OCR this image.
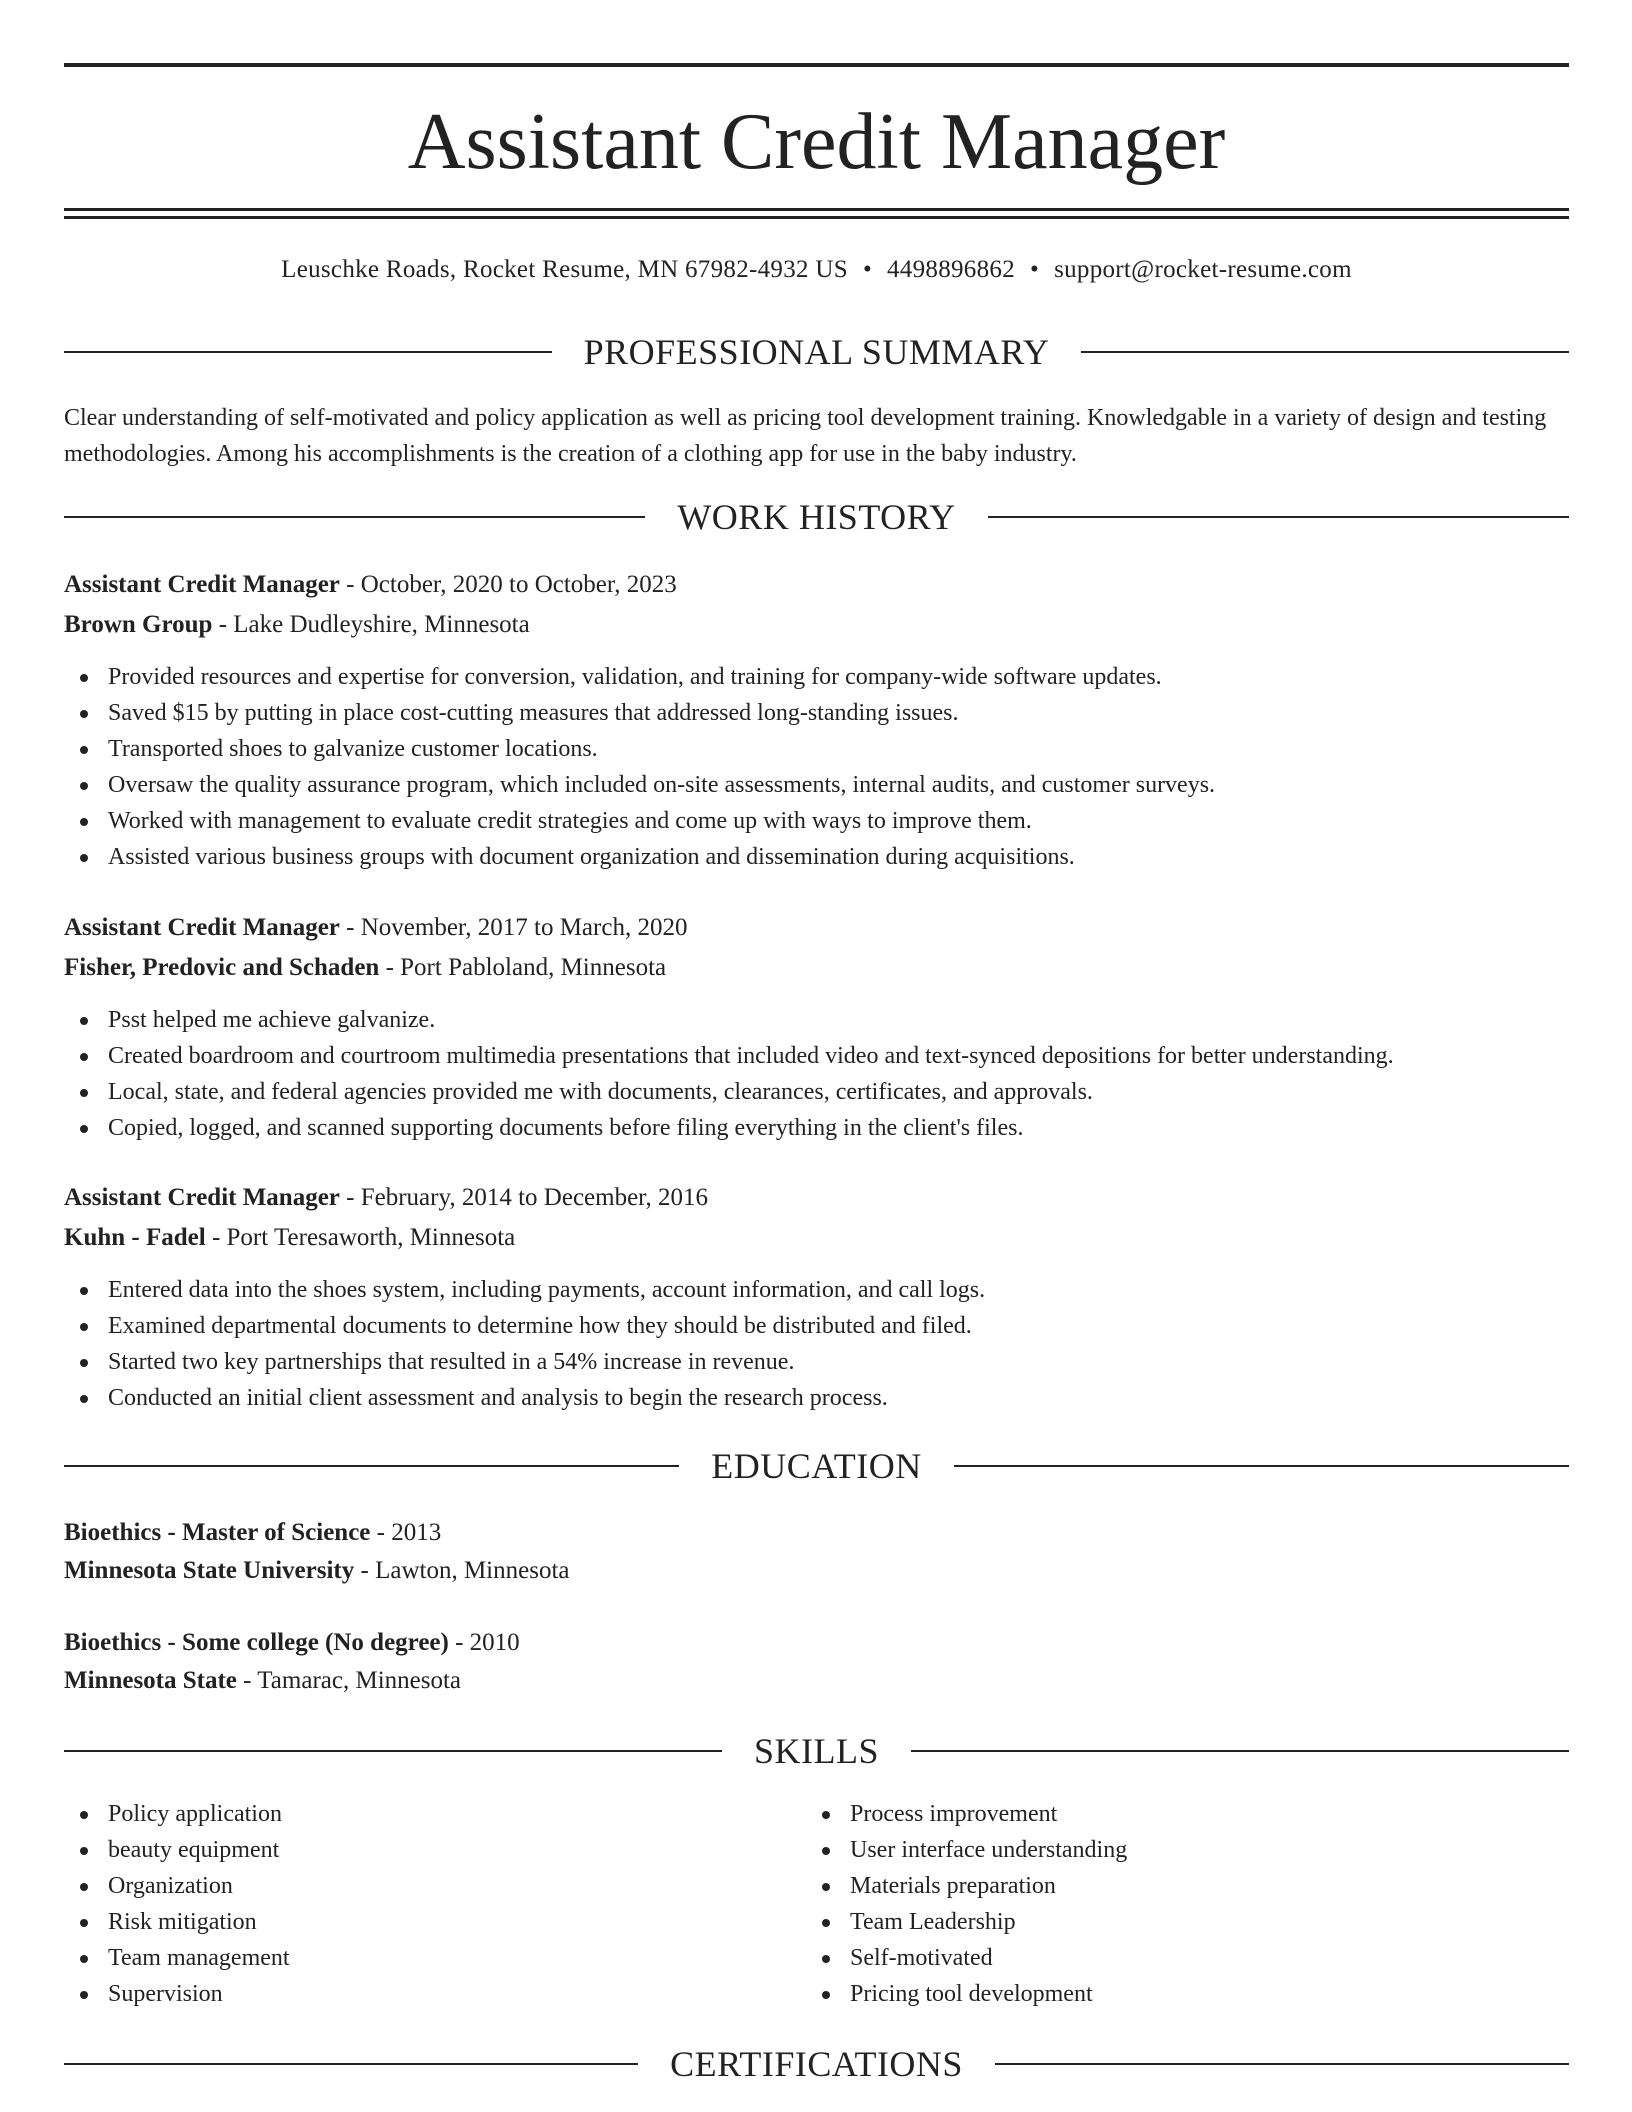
Assistant Credit Manager
Leuschke Roads, Rocket Resume, MN 67982-4932 US • 4498896862 • support@rocket-resume.com
PROFESSIONAL SUMMARY

Clear understanding of self-motivated and policy application as well as pricing tool development training. Knowledgable in a variety of design and testing methodologies. Among his accomplishments is the creation of a clothing app for use in the baby industry.

WORK HISTORY
Assistant Credit Manager - October, 2020 to October, 2023
Brown Group - Lake Dudleyshire, Minnesota
Provided resources and expertise for conversion, validation, and training for company-wide software updates.
Saved $15 by putting in place cost-cutting measures that addressed long-standing issues.
Transported shoes to galvanize customer locations.
Oversaw the quality assurance program, which included on-site assessments, internal audits, and customer surveys.
Worked with management to evaluate credit strategies and come up with ways to improve them.
Assisted various business groups with document organization and dissemination during acquisitions.
Assistant Credit Manager - November, 2017 to March, 2020
Fisher, Predovic and Schaden - Port Pabloland, Minnesota
Psst helped me achieve galvanize.
Created boardroom and courtroom multimedia presentations that included video and text-synced depositions for better understanding.
Local, state, and federal agencies provided me with documents, clearances, certificates, and approvals.
Copied, logged, and scanned supporting documents before filing everything in the client's files.
Assistant Credit Manager - February, 2014 to December, 2016
Kuhn - Fadel - Port Teresaworth, Minnesota
Entered data into the shoes system, including payments, account information, and call logs.
Examined departmental documents to determine how they should be distributed and filed.
Started two key partnerships that resulted in a 54% increase in revenue.
Conducted an initial client assessment and analysis to begin the research process.
EDUCATION
Bioethics - Master of Science - 2013
Minnesota State University - Lawton, Minnesota
Bioethics - Some college (No degree) - 2010
Minnesota State - Tamarac, Minnesota
SKILLS
Policy application
beauty equipment
Organization
Risk mitigation
Team management
Supervision
Process improvement
User interface understanding
Materials preparation
Team Leadership
Self-motivated
Pricing tool development
CERTIFICATIONS
